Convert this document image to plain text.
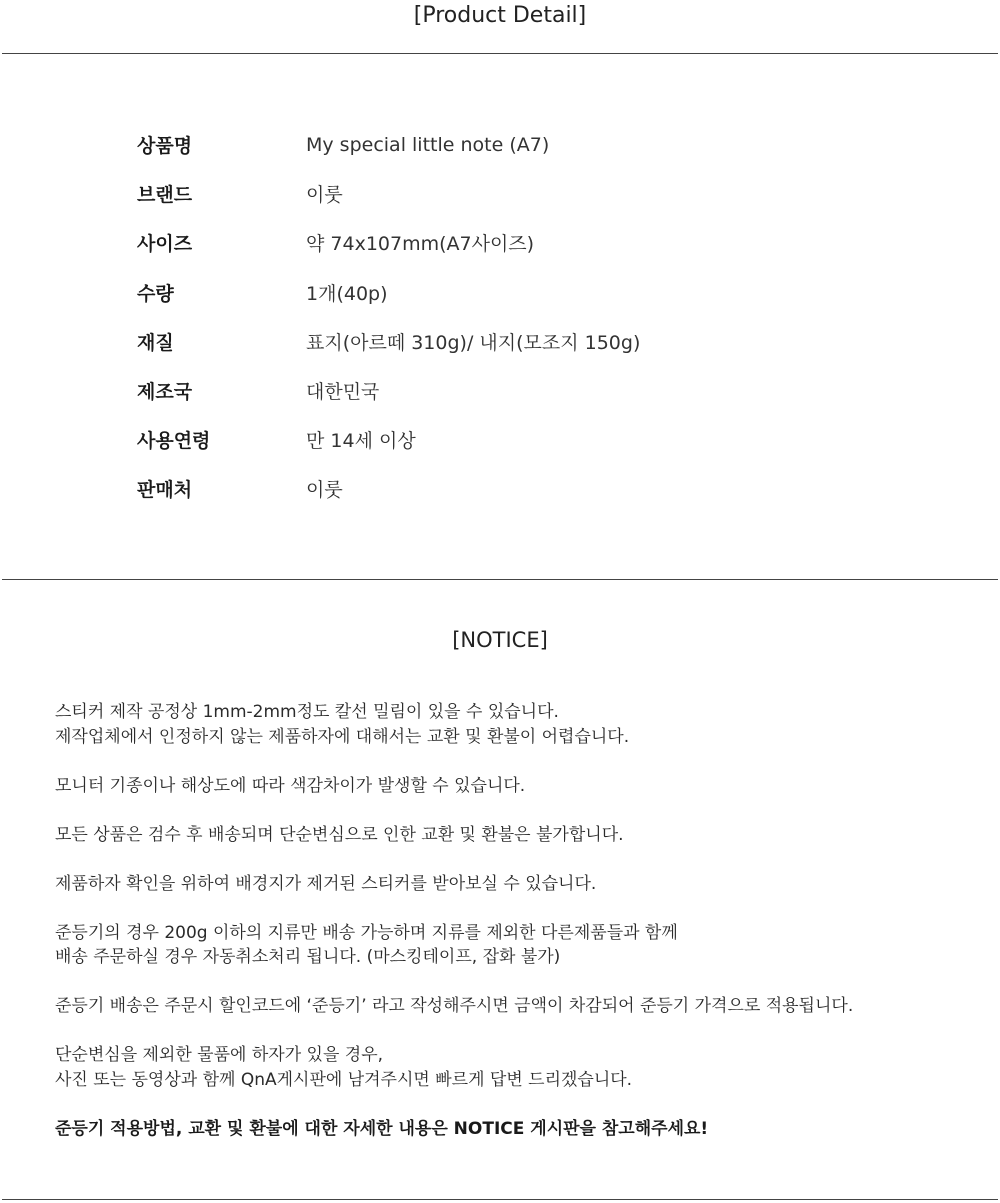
[Product Detail]
상품명	My special little note (A7)
브랜드	이룻
사이즈	약 74x107mm(A7사이즈)
수량	1개(40p)
재질	표지(아르떼 310g)/ 내지(모조지 150g)
제조국	대한민국
사용연령	만 14세 이상
판매처	이룻
[NOTICE]
스티커 제작 공정상 1mm-2mm정도 칼선 밀림이 있을 수 있습니다.
제작업체에서 인정하지 않는 제품하자에 대해서는 교환 및 환불이 어렵습니다.
모니터 기종이나 해상도에 따라 색감차이가 발생할 수 있습니다.
모든 상품은 검수 후 배송되며 단순변심으로 인한 교환 및 환불은 불가합니다.
제품하자 확인을 위하여 배경지가 제거된 스티커를 받아보실 수 있습니다.
준등기의 경우 200g 이하의 지류만 배송 가능하며 지류를 제외한 다른제품들과 함께
배송 주문하실 경우 자동취소처리 됩니다. (마스킹테이프, 잡화 불가)
준등기 배송은 주문시 할인코드에 ‘준등기’ 라고 작성해주시면 금액이 차감되어 준등기 가격으로 적용됩니다.
단순변심을 제외한 물품에 하자가 있을 경우,
사진 또는 동영상과 함께 QnA게시판에 남겨주시면 빠르게 답변 드리겠습니다.
준등기 적용방법, 교환 및 환불에 대한 자세한 내용은 NOTICE 게시판을 참고해주세요!
